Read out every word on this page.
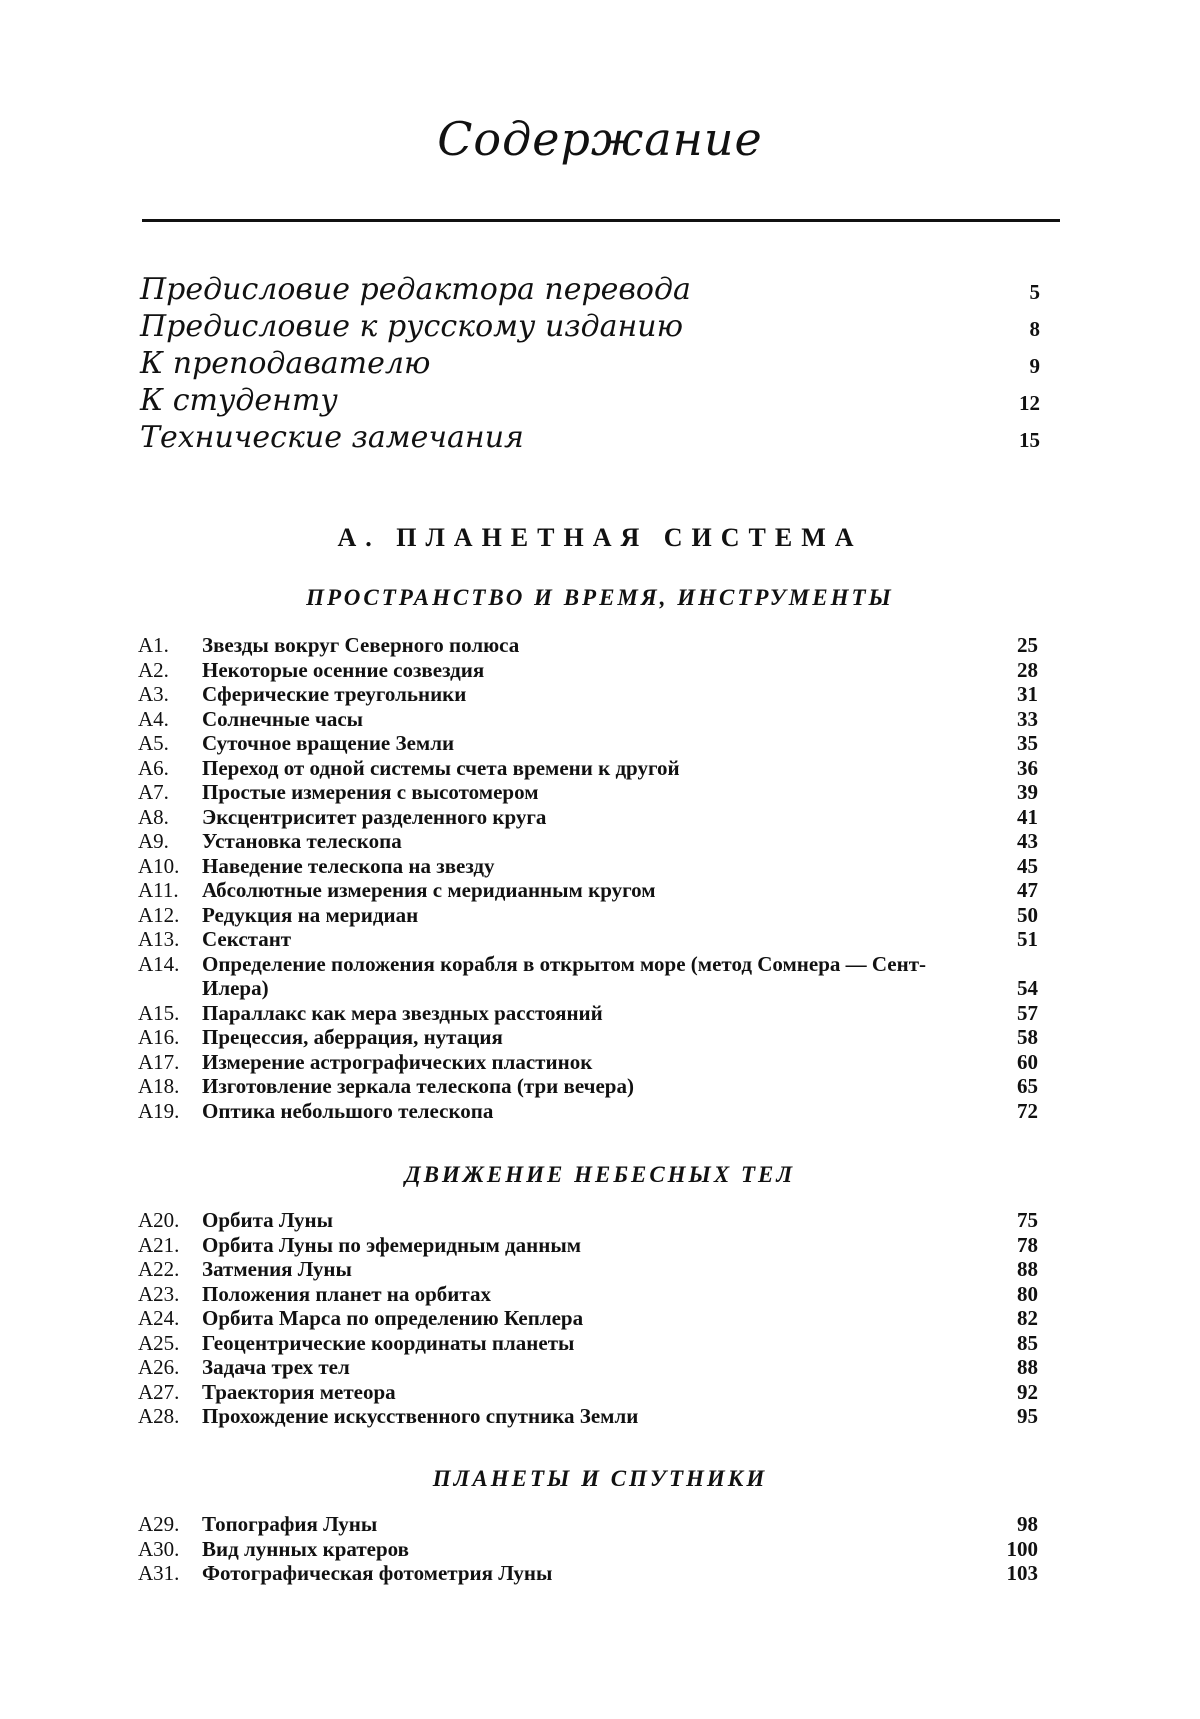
Содержание
Предисловие редактора перевода	5
Предисловие к русскому изданию	8
К преподавателю	9
К студенту	12
Технические замечания	15
А. ПЛАНЕТНАЯ СИСТЕМА
ПРОСТРАНСТВО И ВРЕМЯ, ИНСТРУМЕНТЫ
А1.	Звезды вокруг Северного полюса	25
А2.	Некоторые осенние созвездия	28
А3.	Сферические треугольники	31
А4.	Солнечные часы	33
А5.	Суточное вращение Земли	35
А6.	Переход от одной системы счета времени к другой	36
А7.	Простые измерения с высотомером	39
А8.	Эксцентриситет разделенного круга	41
А9.	Установка телескопа	43
А10.	Наведение телескопа на звезду	45
А11.	Абсолютные измерения с меридианным кругом	47
А12.	Редукция на меридиан	50
А13.	Секстант	51
А14.	Определение положения корабля в открытом море (метод Сомнера — Сент-Илера)	54
А15.	Параллакс как мера звездных расстояний	57
А16.	Прецессия, аберрация, нутация	58
А17.	Измерение астрографических пластинок	60
А18.	Изготовление зеркала телескопа (три вечера)	65
А19.	Оптика небольшого телескопа	72
ДВИЖЕНИЕ НЕБЕСНЫХ ТЕЛ
А20.	Орбита Луны	75
А21.	Орбита Луны по эфемеридным данным	78
А22.	Затмения Луны	88
А23.	Положения планет на орбитах	80
А24.	Орбита Марса по определению Кеплера	82
А25.	Геоцентрические координаты планеты	85
А26.	Задача трех тел	88
А27.	Траектория метеора	92
А28.	Прохождение искусственного спутника Земли	95
ПЛАНЕТЫ И СПУТНИКИ
А29.	Топография Луны	98
А30.	Вид лунных кратеров	100
А31.	Фотографическая фотометрия Луны	103
